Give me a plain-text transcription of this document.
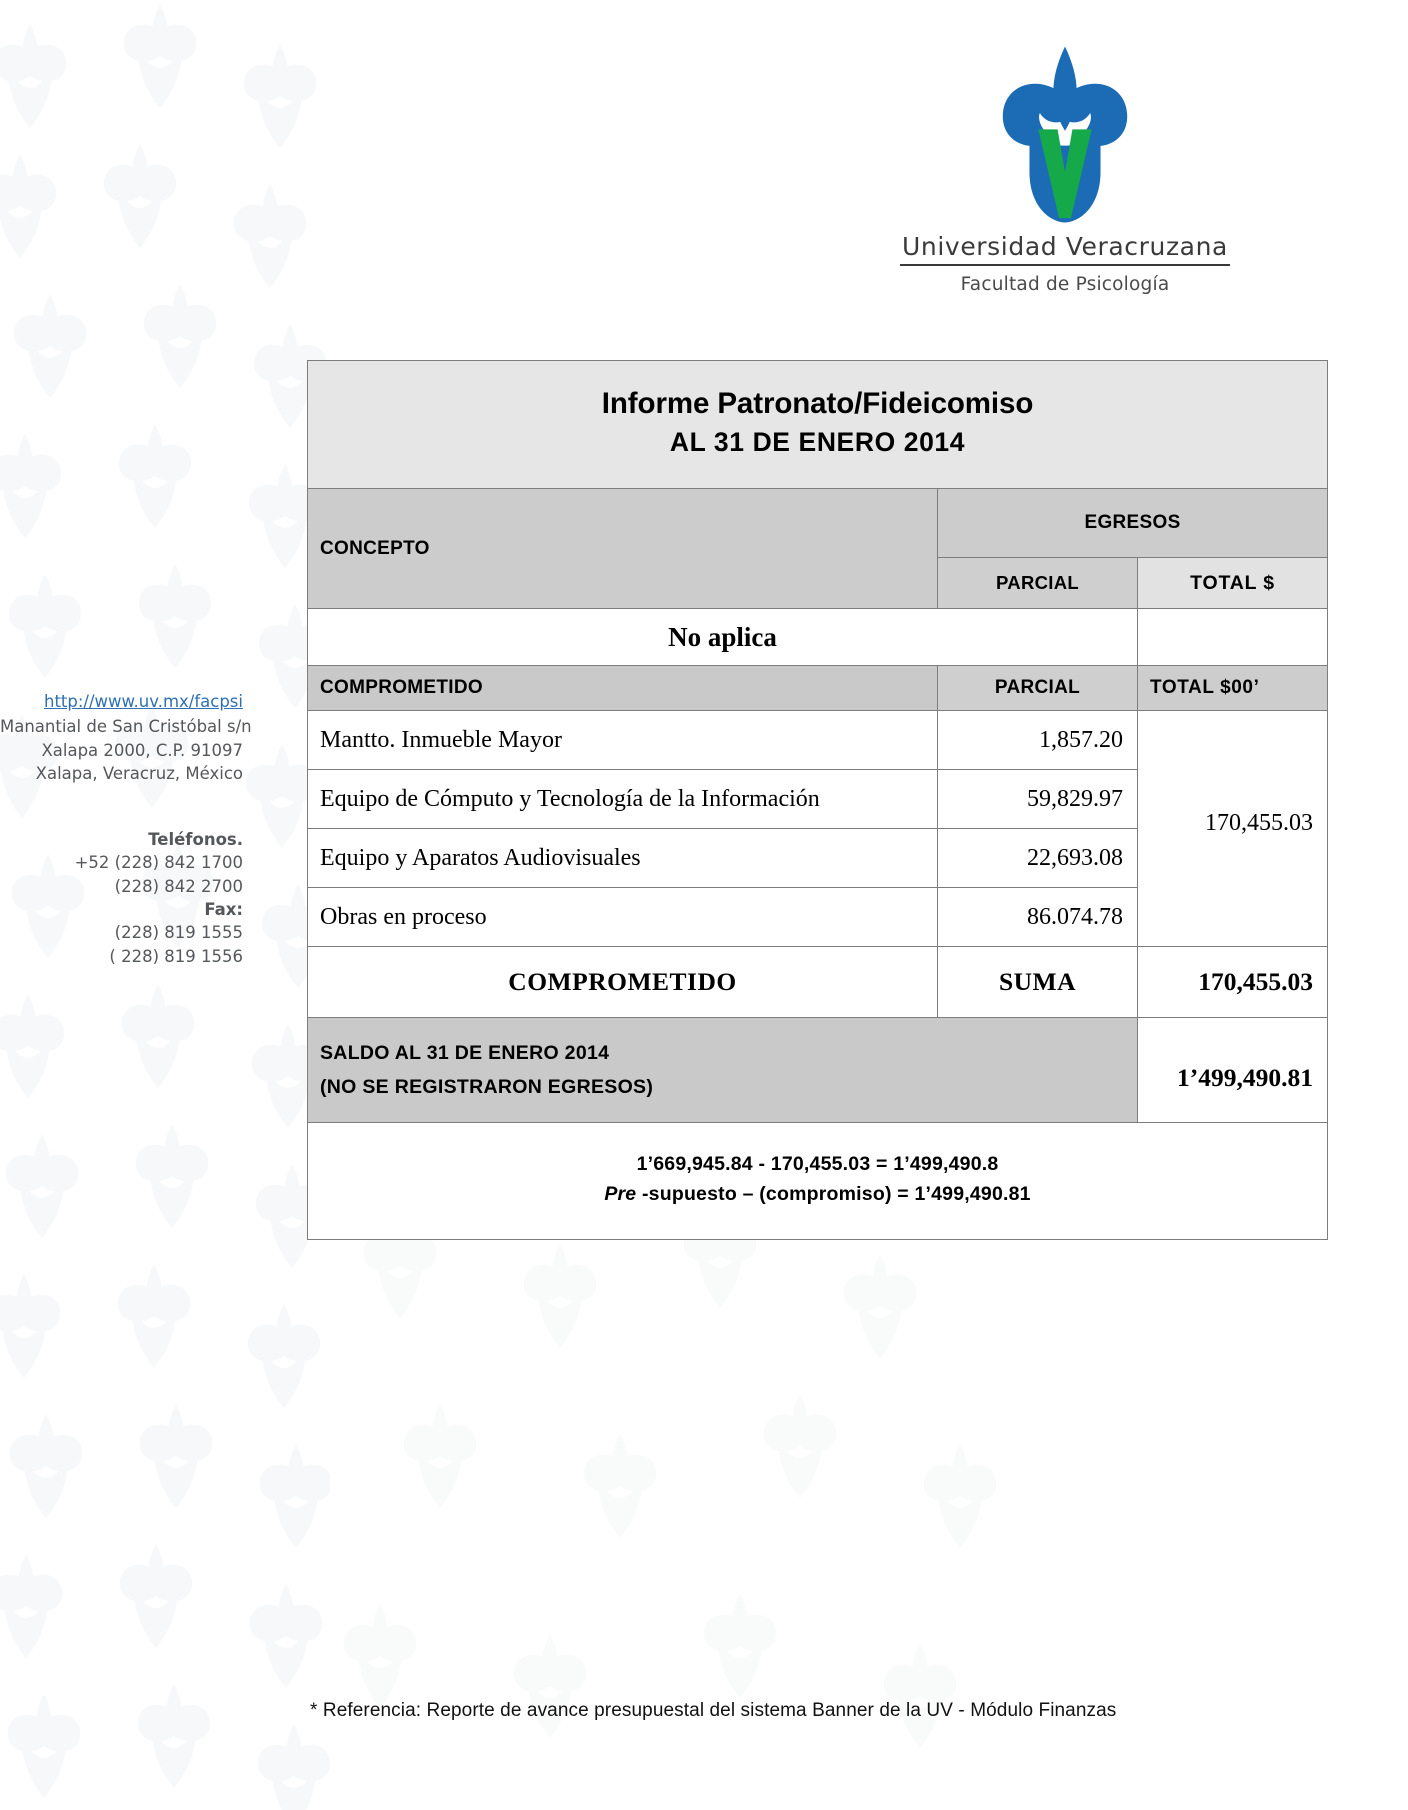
Universidad Veracruzana
Facultad de Psicología
http://www.uv.mx/facpsi
Manantial de San Cristóbal s/n
Xalapa 2000, C.P. 91097
Xalapa, Veracruz, México
Teléfonos.
+52 (228) 842 1700
(228) 842 2700
Fax:
(228) 819 1555
( 228) 819 1556
Informe Patronato/Fideicomiso
AL 31 DE ENERO 2014		

CONCEPTO	EGRESOS	
	PARCIAL	TOTAL $
No aplica		
COMPROMETIDO	PARCIAL	TOTAL $00’
Mantto. Inmueble Mayor	1,857.20	170,455.03
Equipo de Cómputo y Tecnología de la Información	59,829.97	
Equipo y Aparatos Audiovisuales	22,693.08	
Obras en proceso	86.074.78	
COMPROMETIDO	SUMA	170,455.03

SALDO AL 31 DE ENERO 2014
(NO SE REGISTRARON EGRESOS)		1’499,490.81

1’669,945.84 - 170,455.03 = 1’499,490.8
Pre -supuesto – (compromiso) = 1’499,490.81		
* Referencia: Reporte de avance presupuestal del sistema Banner de la UV - Módulo Finanzas
